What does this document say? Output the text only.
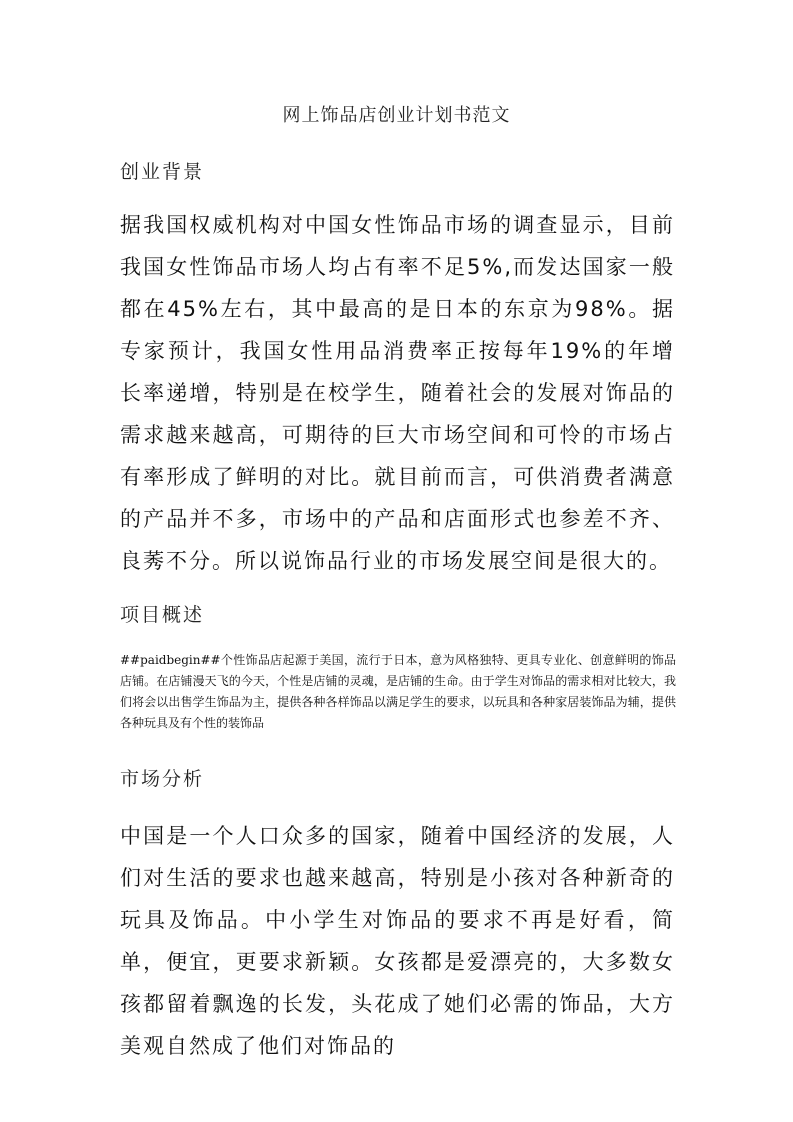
网上饰品店创业计划书范文
创业背景
据我国权威机构对中国女性饰品市场的调查显示，目前我国女性饰品市场人均占有率不足5%,而发达国家一般都在45%左右，其中最高的是日本的东京为98%。据专家预计，我国女性用品消费率正按每年19%的年增长率递增，特别是在校学生，随着社会的发展对饰品的需求越来越高，可期待的巨大市场空间和可怜的市场占有率形成了鲜明的对比。就目前而言，可供消费者满意的产品并不多，市场中的产品和店面形式也参差不齐、良莠不分。所以说饰品行业的市场发展空间是很大的。
项目概述
##paidbegin##个性饰品店起源于美国，流行于日本，意为风格独特、更具专业化、创意鲜明的饰品店铺。在店铺漫天飞的今天，个性是店铺的灵魂，是店铺的生命。由于学生对饰品的需求相对比较大，我们将会以出售学生饰品为主，提供各种各样饰品以满足学生的要求，以玩具和各种家居装饰品为辅，提供各种玩具及有个性的装饰品
市场分析
中国是一个人口众多的国家，随着中国经济的发展，人们对生活的要求也越来越高，特别是小孩对各种新奇的玩具及饰品。中小学生对饰品的要求不再是好看，简单，便宜，更要求新颖。女孩都是爱漂亮的，大多数女孩都留着飘逸的长发，头花成了她们必需的饰品，大方美观自然成了他们对饰品的
